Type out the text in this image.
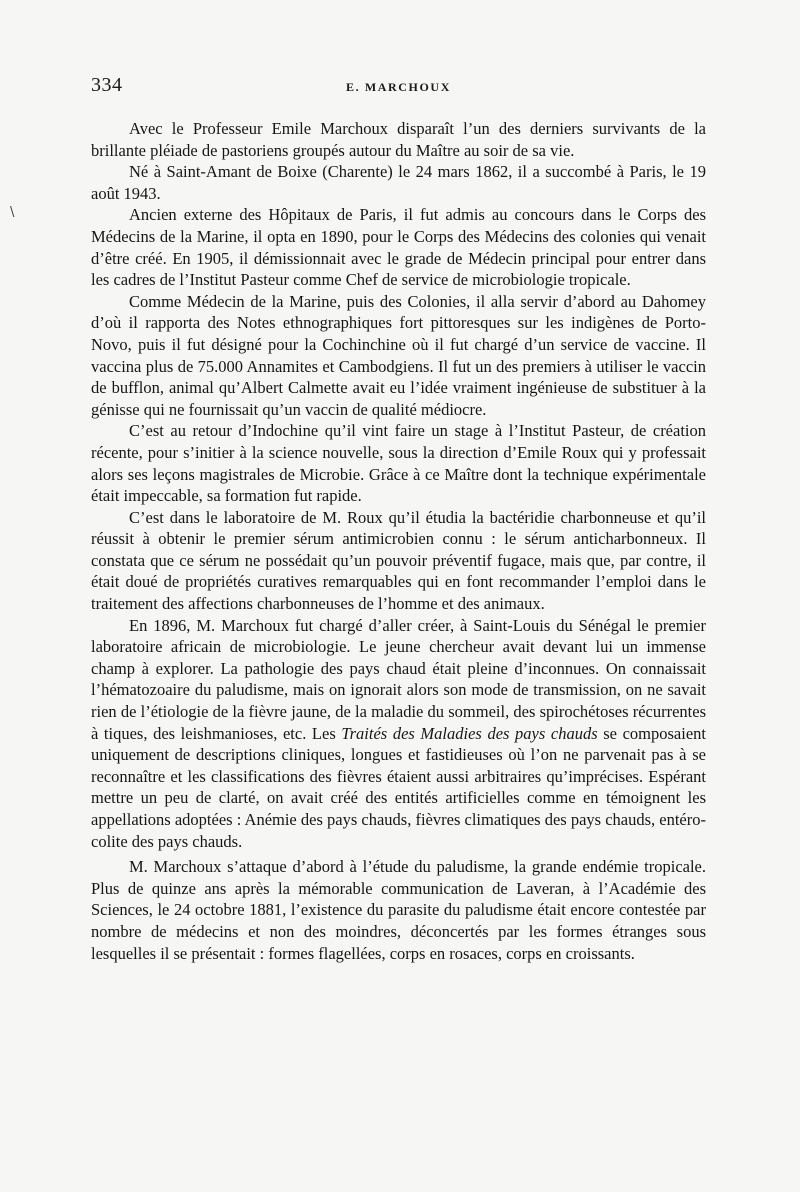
\
334	E. MARCHOUX

Avec le Professeur Emile Marchoux disparaît l’un des derniers survivants de la brillante pléiade de pastoriens groupés autour du Maître au soir de sa vie.

Né à Saint-Amant de Boixe (Charente) le 24 mars 1862, il a succombé à Paris, le 19 août 1943.

Ancien externe des Hôpitaux de Paris, il fut admis au concours dans le Corps des Médecins de la Marine, il opta en 1890, pour le Corps des Médecins des colonies qui venait d’être créé. En 1905, il démissionnait avec le grade de Médecin principal pour entrer dans les cadres de l’Institut Pasteur comme Chef de service de microbiologie tropicale.

Comme Médecin de la Marine, puis des Colonies, il alla servir d’abord au Dahomey d’où il rapporta des Notes ethnographiques fort pittoresques sur les indigènes de Porto-Novo, puis il fut désigné pour la Cochinchine où il fut chargé d’un service de vaccine. Il vaccina plus de 75.000 Annamites et Cambodgiens. Il fut un des premiers à utiliser le vaccin de bufflon, animal qu’Albert Calmette avait eu l’idée vraiment ingénieuse de substituer à la génisse qui ne fournissait qu’un vaccin de qualité médiocre.

C’est au retour d’Indochine qu’il vint faire un stage à l’Institut Pasteur, de création récente, pour s’initier à la science nouvelle, sous la direction d’Emile Roux qui y professait alors ses leçons magistrales de Microbie. Grâce à ce Maître dont la technique expérimentale était impeccable, sa formation fut rapide.

C’est dans le laboratoire de M. Roux qu’il étudia la bactéridie charbonneuse et qu’il réussit à obtenir le premier sérum antimicrobien connu : le sérum anticharbonneux. Il constata que ce sérum ne possédait qu’un pouvoir préventif fugace, mais que, par contre, il était doué de propriétés curatives remarquables qui en font recommander l’emploi dans le traitement des affections charbonneuses de l’homme et des animaux.

En 1896, M. Marchoux fut chargé d’aller créer, à Saint-Louis du Sénégal le premier laboratoire africain de microbiologie. Le jeune chercheur avait devant lui un immense champ à explorer. La pathologie des pays chaud était pleine d’inconnues. On connaissait l’hématozoaire du paludisme, mais on ignorait alors son mode de transmission, on ne savait rien de l’étiologie de la fièvre jaune, de la maladie du sommeil, des spirochétoses récurrentes à tiques, des leishmanioses, etc. Les Traités des Maladies des pays chauds se composaient uniquement de descriptions cliniques, longues et fastidieuses où l’on ne parvenait pas à se reconnaître et les classifications des fièvres étaient aussi arbitraires qu’imprécises. Espérant mettre un peu de clarté, on avait créé des entités artificielles comme en témoignent les appellations adoptées : Anémie des pays chauds, fièvres climatiques des pays chauds, entéro-colite des pays chauds.

M. Marchoux s’attaque d’abord à l’étude du paludisme, la grande endémie tropicale. Plus de quinze ans après la mémorable communication de Laveran, à l’Académie des Sciences, le 24 octobre 1881, l’existence du parasite du paludisme était encore contestée par nombre de médecins et non des moindres, déconcertés par les formes étranges sous lesquelles il se présentait : formes flagellées, corps en rosaces, corps en croissants.
